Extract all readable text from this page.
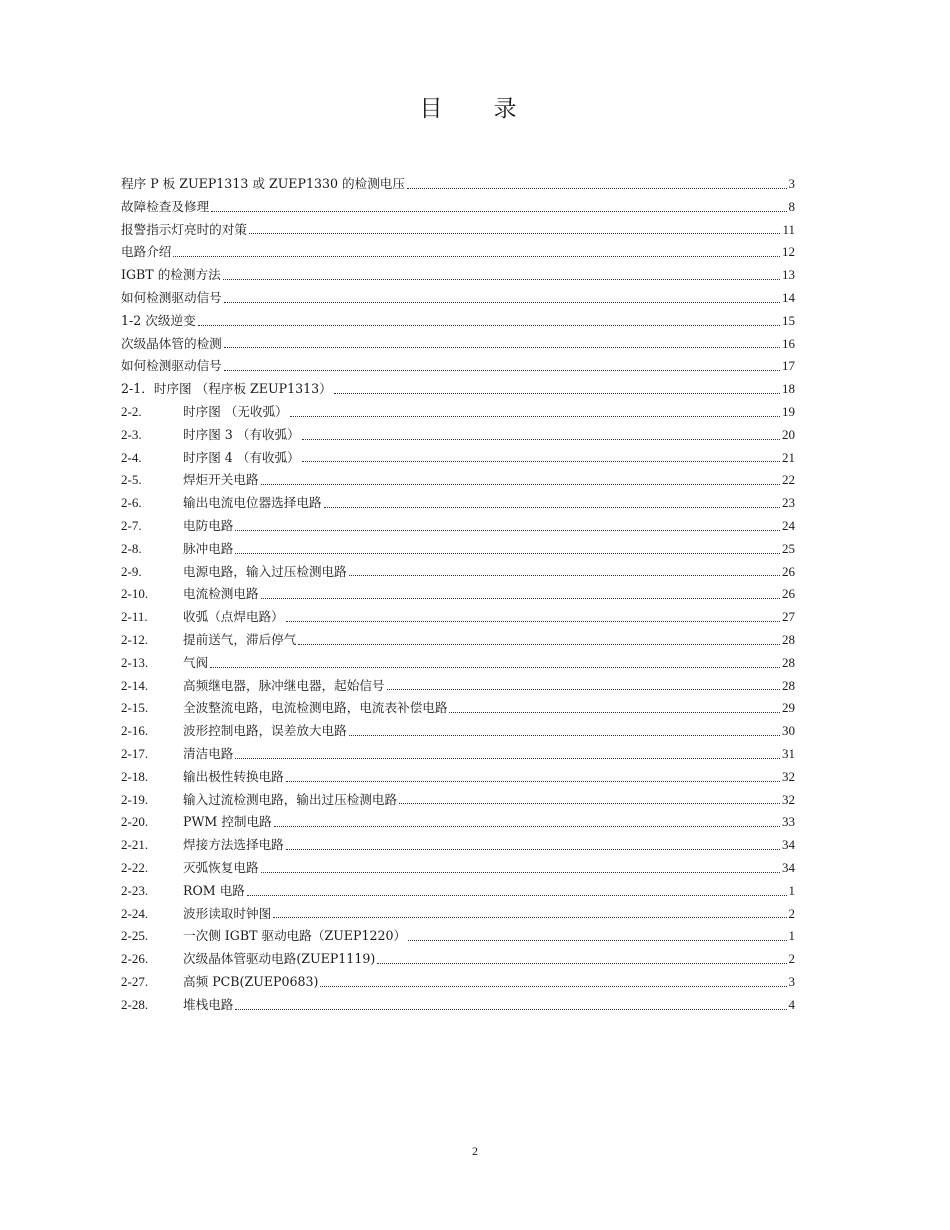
目　录
程序 P 板 ZUEP1313 或 ZUEP1330 的检测电压	3
故障检查及修理	8
报警指示灯亮时的对策	11
电路介绍	12
IGBT 的检测方法	13
如何检测驱动信号	14
1-2 次级逆变	15
次级晶体管的检测	16
如何检测驱动信号	17
2-1．时序图 （程序板 ZEUP1313）	18
2-2.	时序图 （无收弧）	19
2-3.	时序图 3 （有收弧）	20
2-4.	时序图 4 （有收弧）	21
2-5.	焊炬开关电路	22
2-6.	输出电流电位器选择电路	23
2-7.	电防电路	24
2-8.	脉冲电路	25
2-9.	电源电路，输入过压检测电路	26
2-10.	电流检测电路	26
2-11.	收弧（点焊电路）	27
2-12.	提前送气，滞后停气	28
2-13.	气阀	28
2-14.	高频继电器，脉冲继电器，起始信号	28
2-15.	全波整流电路，电流检测电路，电流表补偿电路	29
2-16.	波形控制电路，误差放大电路	30
2-17.	清洁电路	31
2-18.	输出极性转换电路	32
2-19.	输入过流检测电路，输出过压检测电路	32
2-20.	PWM 控制电路	33
2-21.	焊接方法选择电路	34
2-22.	灭弧恢复电路	34
2-23.	ROM 电路	1
2-24.	波形读取时钟图	2
2-25.	一次侧 IGBT 驱动电路（ZUEP1220）	1
2-26.	次级晶体管驱动电路(ZUEP1119)	2
2-27.	高频 PCB(ZUEP0683)	3
2-28.	堆栈电路	4
2
